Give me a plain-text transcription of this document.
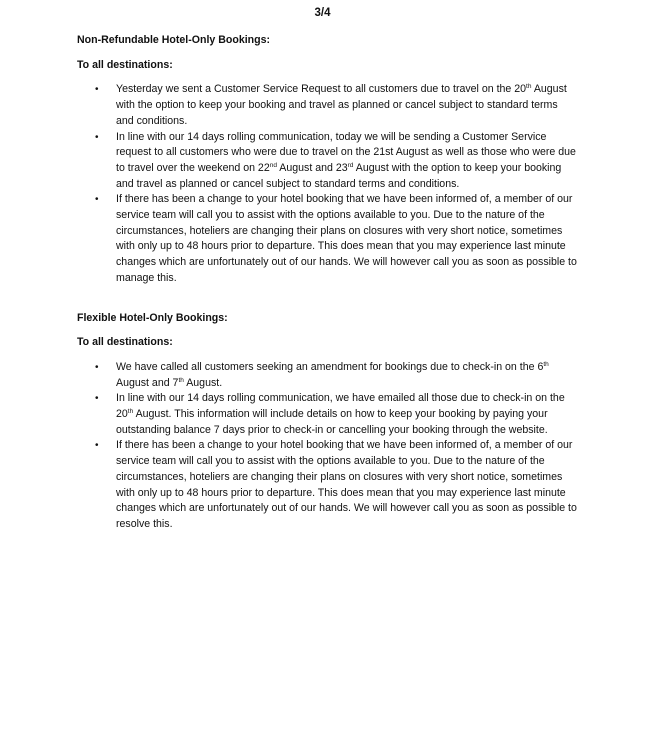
3/4

Non-Refundable Hotel-Only Bookings:

To all destinations:

• Yesterday we sent a Customer Service Request to all customers due to travel on the 20th August with the option to keep your booking and travel as planned or cancel subject to standard terms and conditions.
• In line with our 14 days rolling communication, today we will be sending a Customer Service request to all customers who were due to travel on the 21st August as well as those who were due to travel over the weekend on 22nd August and 23rd August with the option to keep your booking and travel as planned or cancel subject to standard terms and conditions.
• If there has been a change to your hotel booking that we have been informed of, a member of our service team will call you to assist with the options available to you. Due to the nature of the circumstances, hoteliers are changing their plans on closures with very short notice, sometimes with only up to 48 hours prior to departure. This does mean that you may experience last minute changes which are unfortunately out of our hands. We will however call you as soon as possible to manage this.

Flexible Hotel-Only Bookings:

To all destinations:

• We have called all customers seeking an amendment for bookings due to check-in on the 6th August and 7th August.
• In line with our 14 days rolling communication, we have emailed all those due to check-in on the 20th August. This information will include details on how to keep your booking by paying your outstanding balance 7 days prior to check-in or cancelling your booking through the website.
• If there has been a change to your hotel booking that we have been informed of, a member of our service team will call you to assist with the options available to you. Due to the nature of the circumstances, hoteliers are changing their plans on closures with very short notice, sometimes with only up to 48 hours prior to departure. This does mean that you may experience last minute changes which are unfortunately out of our hands. We will however call you as soon as possible to resolve this.
